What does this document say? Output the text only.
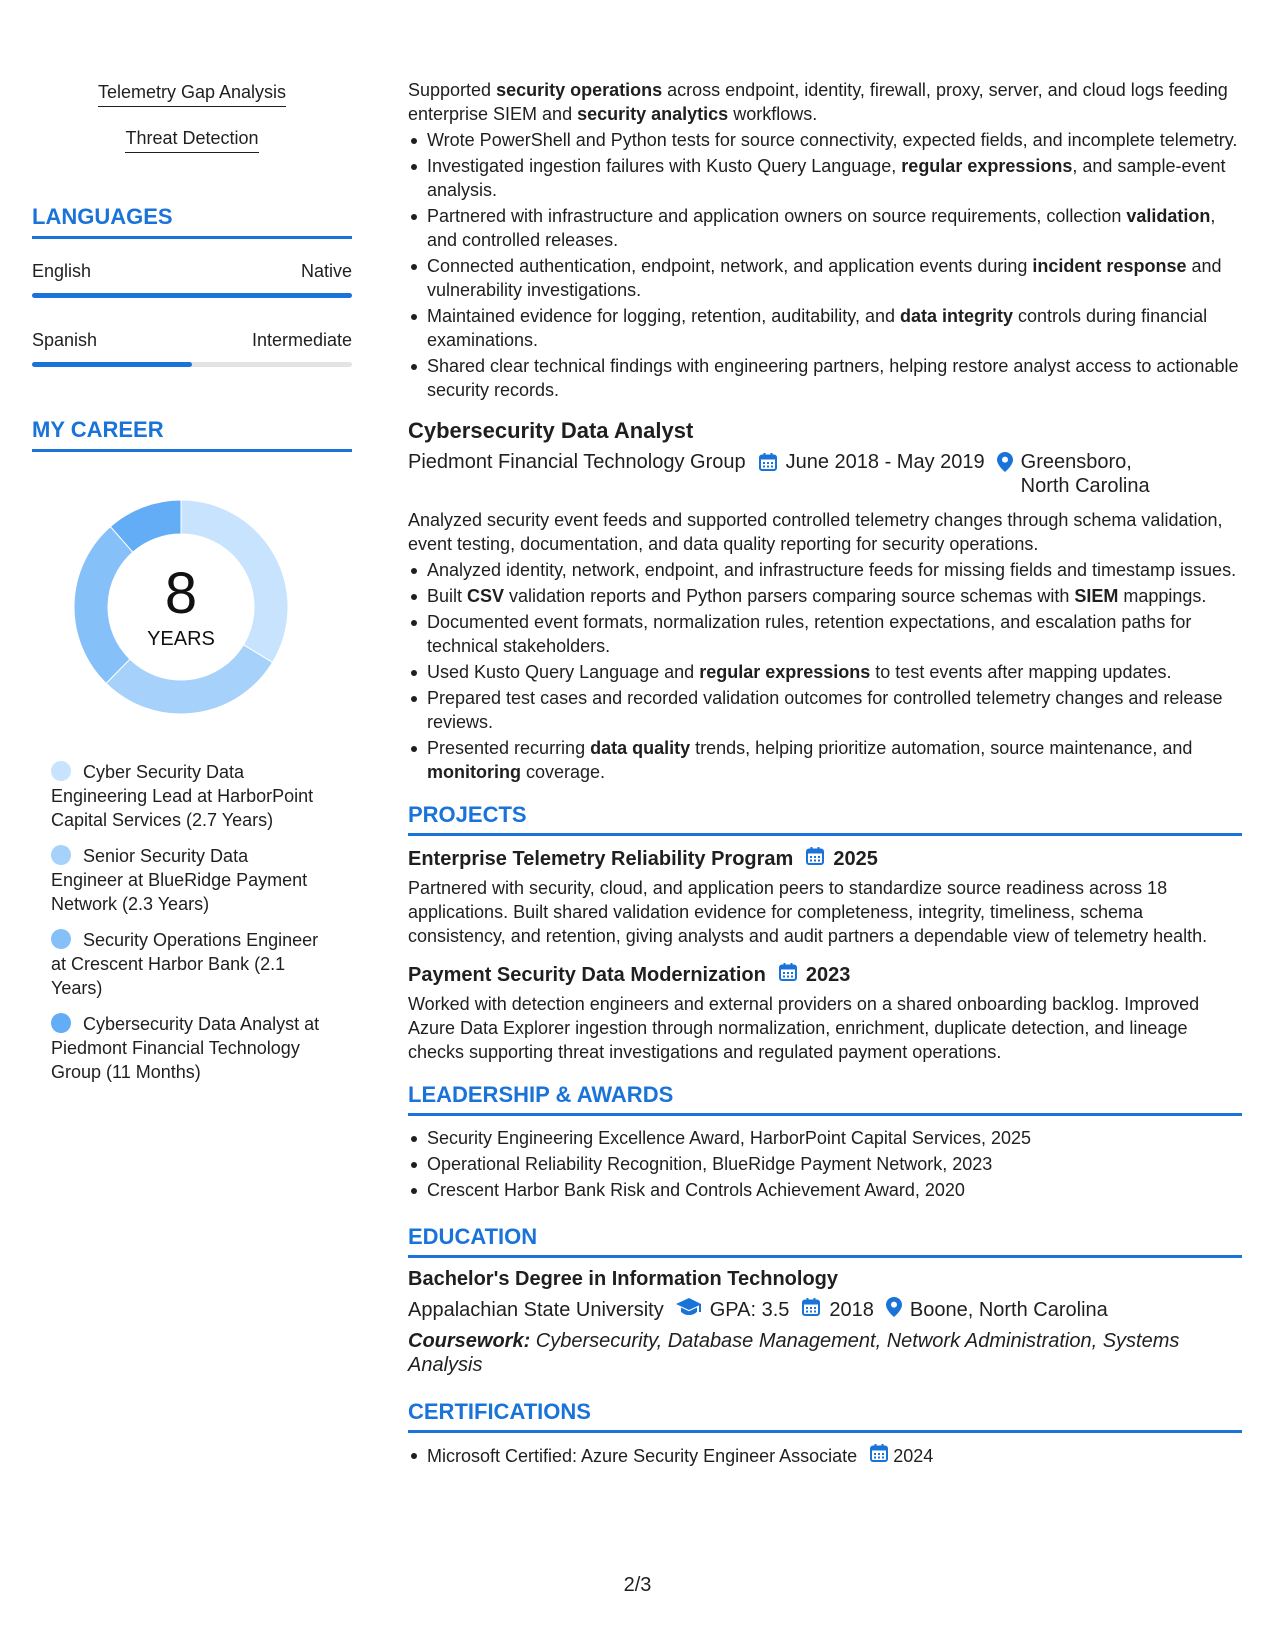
Telemetry Gap Analysis
Threat Detection
LANGUAGES
English	Native
Spanish	Intermediate
MY CAREER
8
YEARS
Cyber Security Data Engineering Lead at HarborPoint Capital Services (2.7 Years)
Senior Security Data Engineer at BlueRidge Payment Network (2.3 Years)
Security Operations Engineer at Crescent Harbor Bank (2.1 Years)
Cybersecurity Data Analyst at Piedmont Financial Technology Group (11 Months)
Supported security operations across endpoint, identity, firewall, proxy, server, and cloud logs feeding enterprise SIEM and security analytics workflows.
Wrote PowerShell and Python tests for source connectivity, expected fields, and incomplete telemetry.
Investigated ingestion failures with Kusto Query Language, regular expressions, and sample-event analysis.
Partnered with infrastructure and application owners on source requirements, collection validation, and controlled releases.
Connected authentication, endpoint, network, and application events during incident response and vulnerability investigations.
Maintained evidence for logging, retention, auditability, and data integrity controls during financial examinations.
Shared clear technical findings with engineering partners, helping restore analyst access to actionable security records.
Cybersecurity Data Analyst
Piedmont Financial Technology Group June 2018 - May 2019 Greensboro, North Carolina
Analyzed security event feeds and supported controlled telemetry changes through schema validation, event testing, documentation, and data quality reporting for security operations.
Analyzed identity, network, endpoint, and infrastructure feeds for missing fields and timestamp issues.
Built CSV validation reports and Python parsers comparing source schemas with SIEM mappings.
Documented event formats, normalization rules, retention expectations, and escalation paths for technical stakeholders.
Used Kusto Query Language and regular expressions to test events after mapping updates.
Prepared test cases and recorded validation outcomes for controlled telemetry changes and release reviews.
Presented recurring data quality trends, helping prioritize automation, source maintenance, and monitoring coverage.
PROJECTS
Enterprise Telemetry Reliability Program 2025
Partnered with security, cloud, and application peers to standardize source readiness across 18 applications. Built shared validation evidence for completeness, integrity, timeliness, schema consistency, and retention, giving analysts and audit partners a dependable view of telemetry health.
Payment Security Data Modernization 2023
Worked with detection engineers and external providers on a shared onboarding backlog. Improved Azure Data Explorer ingestion through normalization, enrichment, duplicate detection, and lineage checks supporting threat investigations and regulated payment operations.
LEADERSHIP & AWARDS
Security Engineering Excellence Award, HarborPoint Capital Services, 2025
Operational Reliability Recognition, BlueRidge Payment Network, 2023
Crescent Harbor Bank Risk and Controls Achievement Award, 2020
EDUCATION
Bachelor's Degree in Information Technology
Appalachian State University GPA: 3.5 2018 Boone, North Carolina
Coursework: Cybersecurity, Database Management, Network Administration, Systems Analysis
CERTIFICATIONS
Microsoft Certified: Azure Security Engineer Associate 2024
2/3
